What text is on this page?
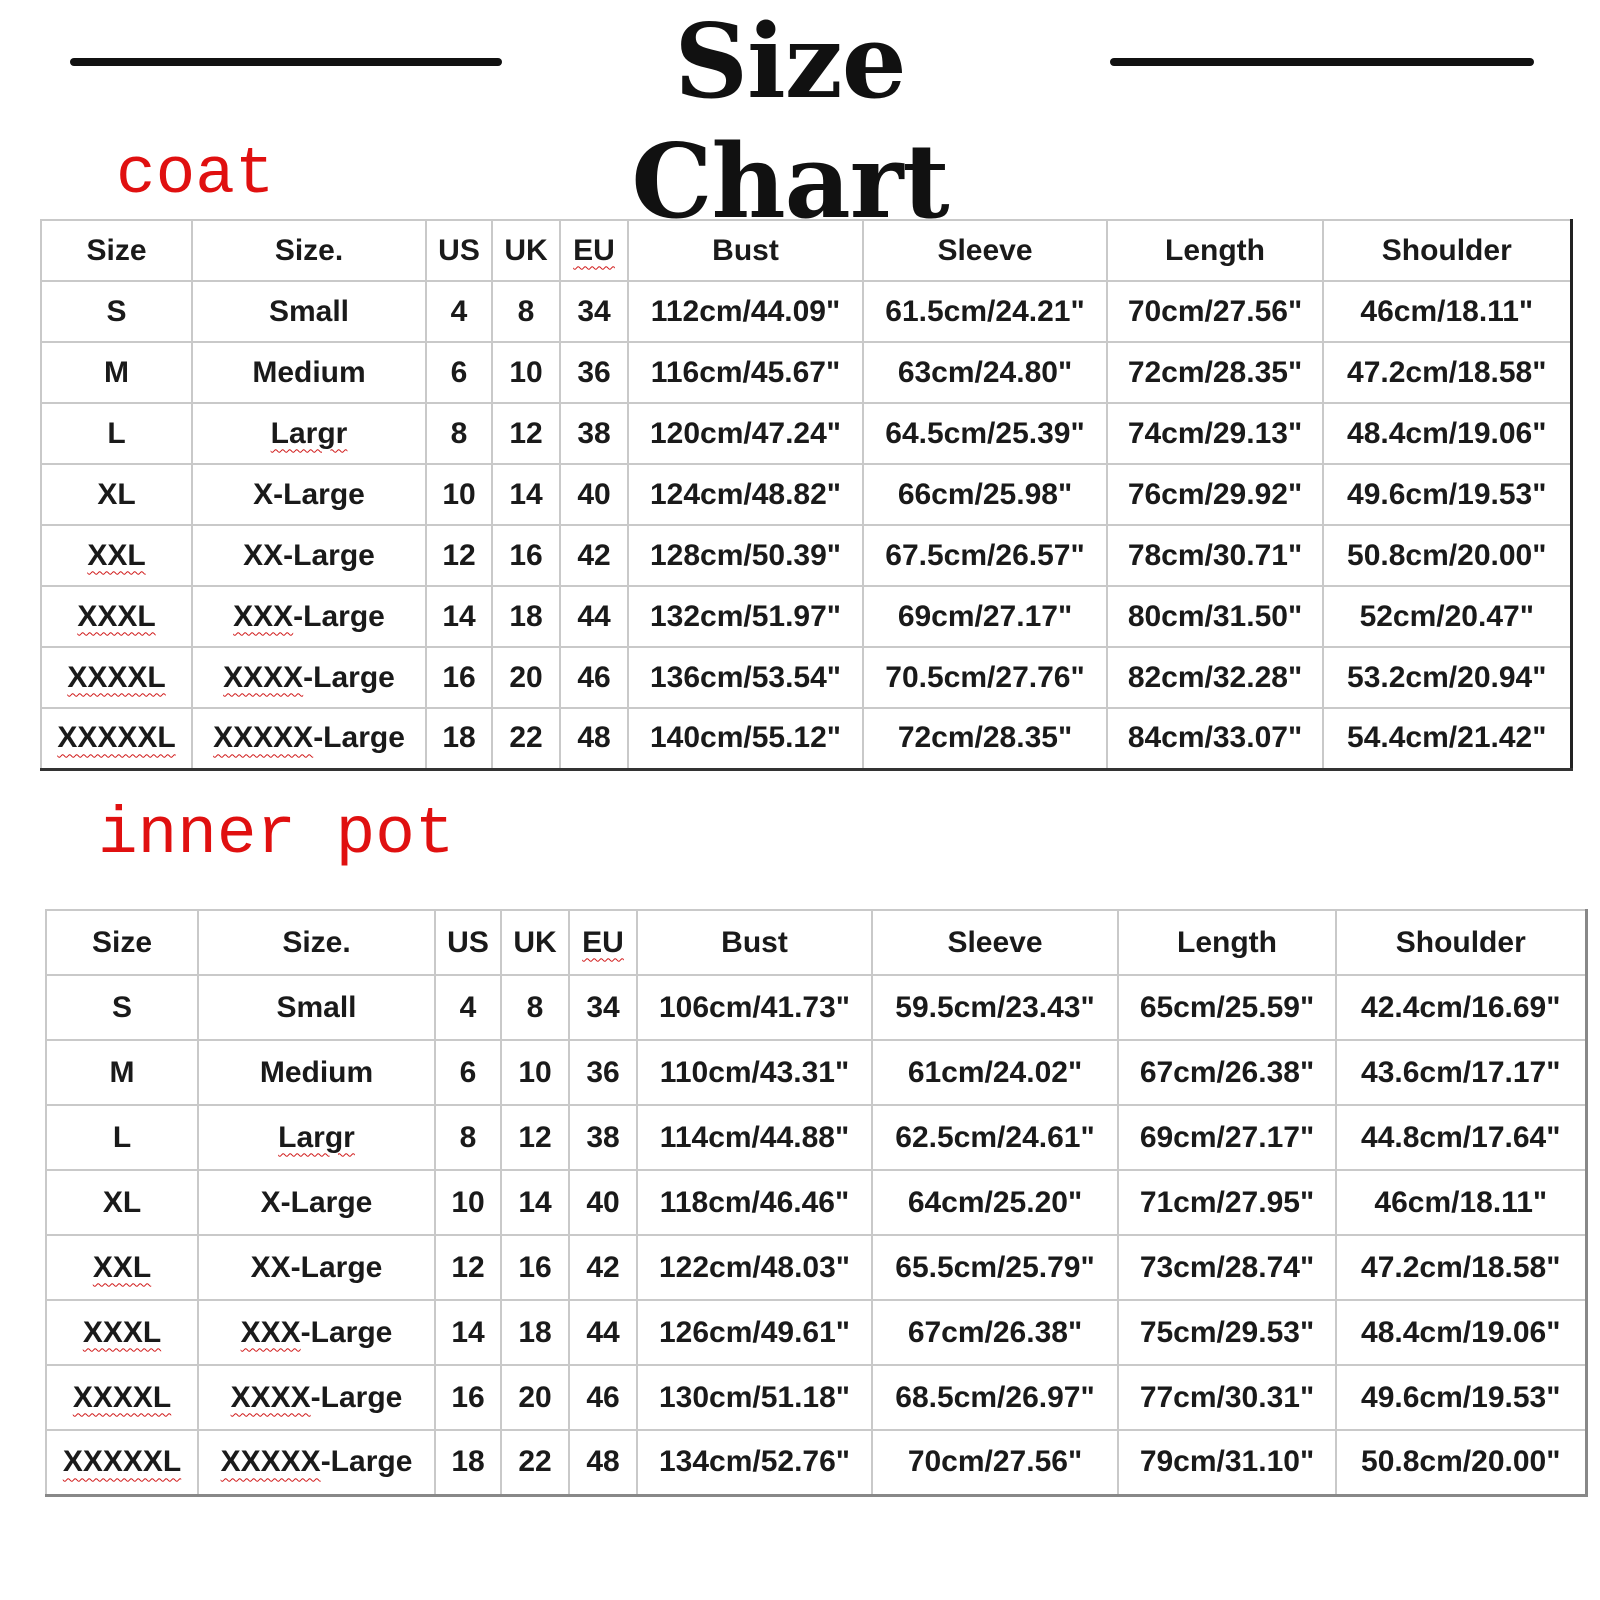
Size Chart
coat
Size	Size.	US	UK	EU	Bust	Sleeve	Length	Shoulder
S	Small	4	8	34	112cm/44.09"	61.5cm/24.21"	70cm/27.56"	46cm/18.11"
M	Medium	6	10	36	116cm/45.67"	63cm/24.80"	72cm/28.35"	47.2cm/18.58"
L	Largr	8	12	38	120cm/47.24"	64.5cm/25.39"	74cm/29.13"	48.4cm/19.06"
XL	X-Large	10	14	40	124cm/48.82"	66cm/25.98"	76cm/29.92"	49.6cm/19.53"
XXL	XX-Large	12	16	42	128cm/50.39"	67.5cm/26.57"	78cm/30.71"	50.8cm/20.00"
XXXL	XXX-Large	14	18	44	132cm/51.97"	69cm/27.17"	80cm/31.50"	52cm/20.47"
XXXXL	XXXX-Large	16	20	46	136cm/53.54"	70.5cm/27.76"	82cm/32.28"	53.2cm/20.94"
XXXXXL	XXXXX-Large	18	22	48	140cm/55.12"	72cm/28.35"	84cm/33.07"	54.4cm/21.42"
inner pot
Size	Size.	US	UK	EU	Bust	Sleeve	Length	Shoulder
S	Small	4	8	34	106cm/41.73"	59.5cm/23.43"	65cm/25.59"	42.4cm/16.69"
M	Medium	6	10	36	110cm/43.31"	61cm/24.02"	67cm/26.38"	43.6cm/17.17"
L	Largr	8	12	38	114cm/44.88"	62.5cm/24.61"	69cm/27.17"	44.8cm/17.64"
XL	X-Large	10	14	40	118cm/46.46"	64cm/25.20"	71cm/27.95"	46cm/18.11"
XXL	XX-Large	12	16	42	122cm/48.03"	65.5cm/25.79"	73cm/28.74"	47.2cm/18.58"
XXXL	XXX-Large	14	18	44	126cm/49.61"	67cm/26.38"	75cm/29.53"	48.4cm/19.06"
XXXXL	XXXX-Large	16	20	46	130cm/51.18"	68.5cm/26.97"	77cm/30.31"	49.6cm/19.53"
XXXXXL	XXXXX-Large	18	22	48	134cm/52.76"	70cm/27.56"	79cm/31.10"	50.8cm/20.00"
